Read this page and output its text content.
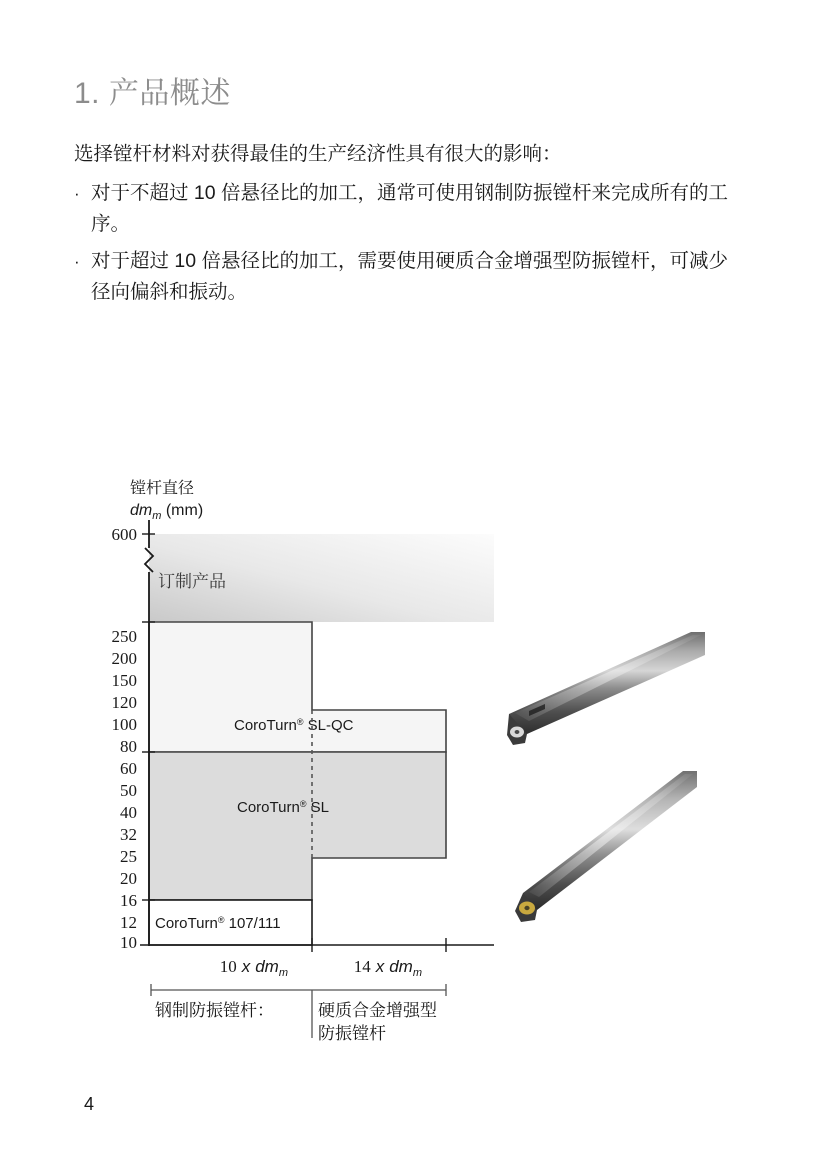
1. 产品概述
选择镗杆材料对获得最佳的生产经济性具有很大的影响：
· 对于不超过 10 倍悬径比的加工，通常可使用钢制防振镗杆来完成所有的工序。
· 对于超过 10 倍悬径比的加工，需要使用硬质合金增强型防振镗杆，可减少径向偏斜和振动。
镗杆直径
$dm_m$ (mm)
订制产品
CoroTurn® SL-QC
CoroTurn® SL
CoroTurn® 107/111
600
250
200
150
120
100
80
60
50
40
32
25
20
16
12
10
10 x $dm_m$	14 x $dm_m$
钢制防振镗杆：	硬质合金增强型
防振镗杆
4
